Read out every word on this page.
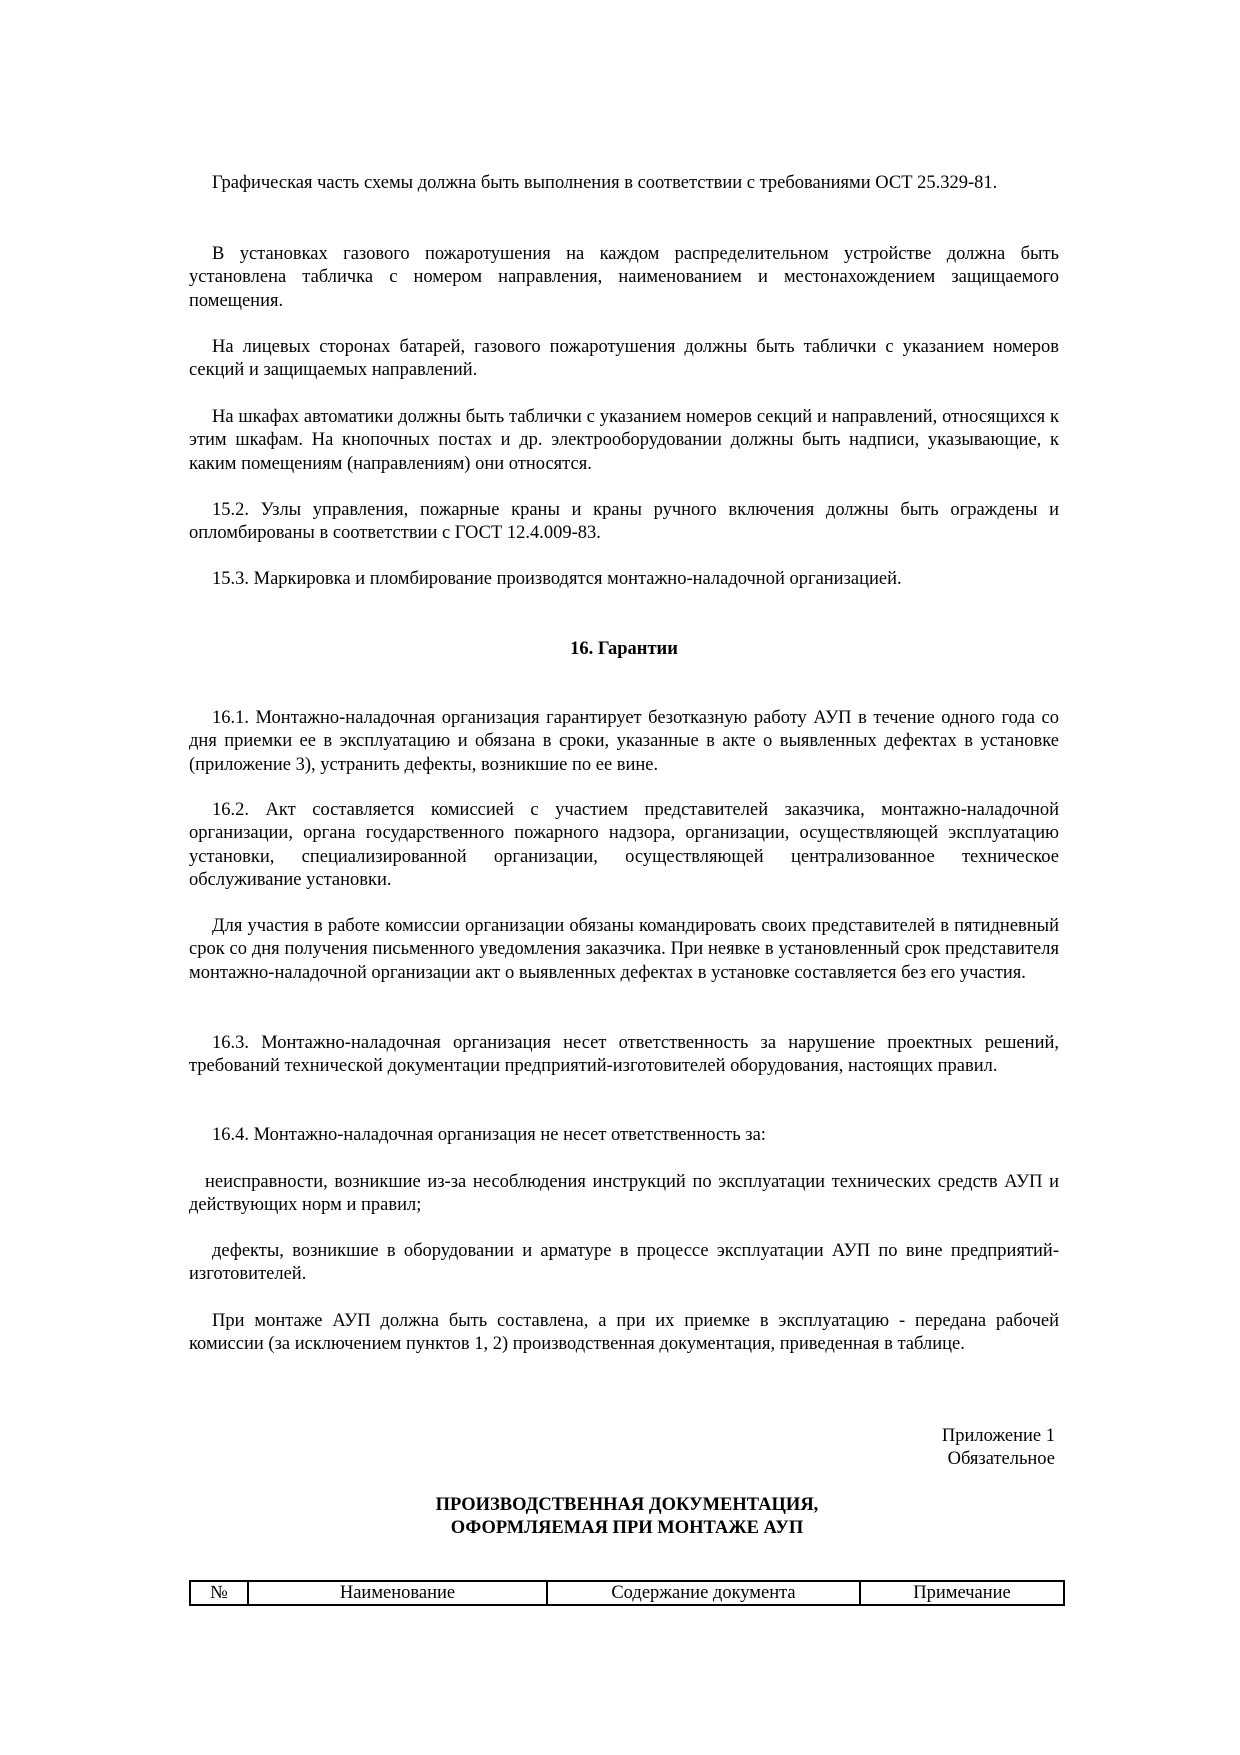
Графическая часть схемы должна быть выполнения в соответствии с требованиями ОСТ 25.329-81.

В установках газового пожаротушения на каждом распределительном устройстве должна быть установлена табличка с номером направления, наименованием и местонахождением защищаемого помещения.

На лицевых сторонах батарей, газового пожаротушения должны быть таблички с указанием номеров секций и защищаемых направлений.

На шкафах автоматики должны быть таблички с указанием номеров секций и направлений, относящихся к этим шкафам. На кнопочных постах и др. электрооборудовании должны быть надписи, указывающие, к каким помещениям (направлениям) они относятся.

15.2. Узлы управления, пожарные краны и краны ручного включения должны быть ограждены и опломбированы в соответствии с ГОСТ 12.4.009-83.

15.3. Маркировка и пломбирование производятся монтажно-наладочной организацией.

16. Гарантии

16.1. Монтажно-наладочная организация гарантирует безотказную работу АУП в течение одного года со дня приемки ее в эксплуатацию и обязана в сроки, указанные в акте о выявленных дефектах в установке (приложение 3), устранить дефекты, возникшие по ее вине.

16.2. Акт составляется комиссией с участием представителей заказчика, монтажно-наладочной организации, органа государственного пожарного надзора, организации, осуществляющей эксплуатацию установки, специализированной организации, осуществляющей централизованное техническое обслуживание установки.

Для участия в работе комиссии организации обязаны командировать своих представителей в пятидневный срок со дня получения письменного уведомления заказчика. При неявке в установленный срок представителя монтажно-наладочной организации акт о выявленных дефектах в установке составляется без его участия.

16.3. Монтажно-наладочная организация несет ответственность за нарушение проектных решений, требований технической документации предприятий-изготовителей оборудования, настоящих правил.

16.4. Монтажно-наладочная организация не несет ответственность за:

неисправности, возникшие из-за несоблюдения инструкций по эксплуатации технических средств АУП и действующих норм и правил;

дефекты, возникшие в оборудовании и арматуре в процессе эксплуатации АУП по вине предприятий-изготовителей.

При монтаже АУП должна быть составлена, а при их приемке в эксплуатацию - передана рабочей комиссии (за исключением пунктов 1, 2) производственная документация, приведенная в таблице.

Приложение 1
Обязательное
ПРОИЗВОДСТВЕННАЯ ДОКУМЕНТАЦИЯ,
ОФОРМЛЯЕМАЯ ПРИ МОНТАЖЕ АУП
№	Наименование	Содержание документа	Примечание
